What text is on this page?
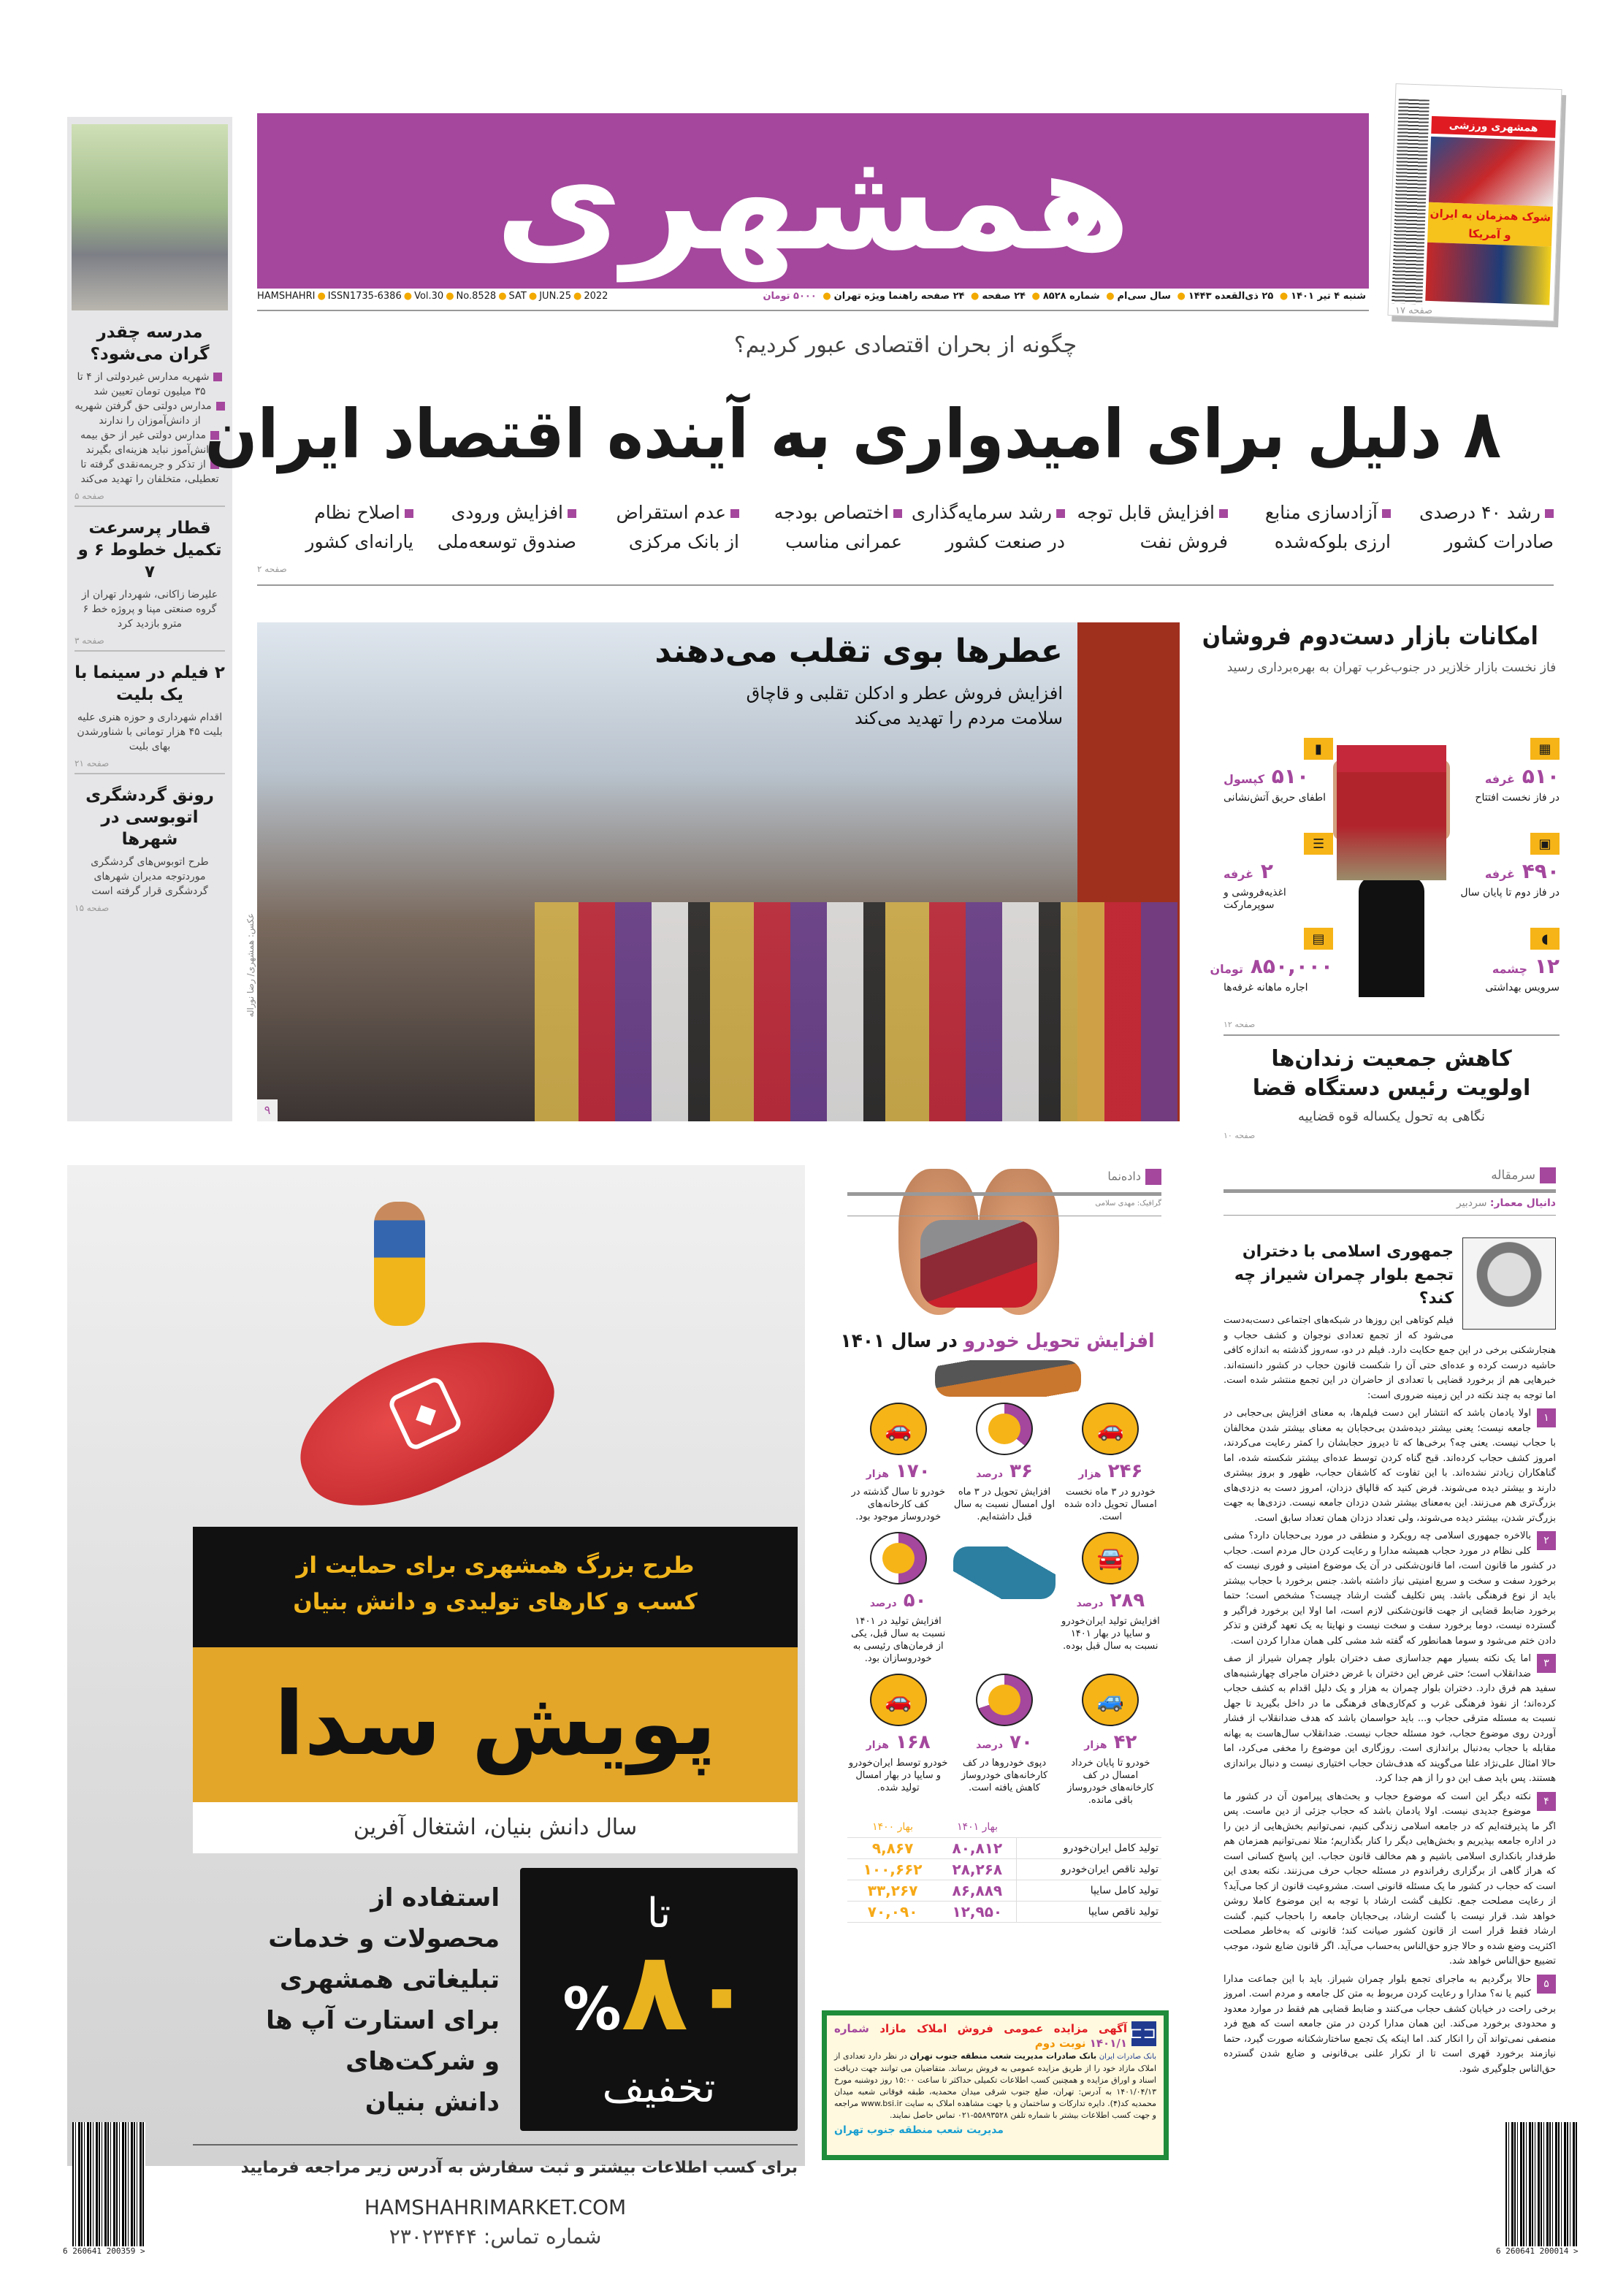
مدرسه چقدر گران می‌شود؟

شهریه مدارس غیردولتی از ۴ تا ۳۵ میلیون تومان تعیین شد
مدارس دولتی حق گرفتن شهریه از دانش‌آموزان را ندارند
مدارس دولتی غیر از حق بیمه دانش‌آموز نباید هزینه‌ای بگیرند
از تذکر و جریمه‌نقدی گرفته تا تعطیلی، متخلفان را تهدید می‌کند

صفحه ۵
قطار پرسرعت تکمیل خطوط ۶ و ۷

علیرضا زاکانی، شهردار تهران از گروه صنعتی مپنا و پروژه خط ۶ مترو بازدید کرد

صفحه ۳
۲ فیلم در سینما با یک بلیت

اقدام شهرداری و حوزه هنری علیه بلیت ۴۵ هزار تومانی با شناورشدن بهای بلیت

صفحه ۲۱
رونق گردشگری اتوبوسی در شهرها

طرح اتوبوس‌های گردشگری موردتوجه مدیران شهرهای گردشگری قرار گرفته است

صفحه ۱۵
همشهری	همشهری ورزشی
شوک همزمان به ایران و آمریکا
صفحه ۱۷
شنبه ۴ تیر ۱۴۰۱● ۲۵ ذی‌القعده ۱۴۴۳● سال سی‌ام● شماره ۸۵۲۸● ۲۴ صفحه● ۲۴ صفحه راهنما ویژه تهران● ۵۰۰۰ تومان
HAMSHAHRI ● ISSN1735-6386 ● Vol.30 ● No.8528 ● SAT ● JUN.25 ● 2022
چگونه از بحران اقتصادی عبور کردیم؟
۸ دلیل برای امیدواری به آینده اقتصاد ایران
رشد ۴۰ درصدی
صادرات کشور
آزادسازی منابع
ارزی بلوکه‌شده
افزایش قابل توجه
فروش نفت
رشد سرمایه‌گذاری
در صنعت کشور
اختصاص بودجه
عمرانی مناسب
عدم استقراض
از بانک مرکزی
افزایش ورودی
صندوق توسعه‌ملی
اصلاح نظام
یارانه‌ای کشور
صفحه ۲
عطرها بوی تقلب می‌دهند
افزایش فروش عطر و ادکلن تقلبی و قاچاق
سلامت مردم را تهدید می‌کند
عکس: همشهری/ رضا نوراله
۹
امکانات بازار دست‌دوم فروشان
فاز نخست بازار خلازیر در جنوب‌غرب تهران به بهره‌برداری رسید
▦
۵۱۰ غرفه
در فاز نخست افتتاح
▣
۴۹۰ غرفه
در فاز دوم تا پایان سال
◖
۱۲ چشمه
سرویس بهداشتی
▮
۵۱۰ کپسول
اطفای حریق آتش‌نشانی
☰
۲ غرفه
اغذیه‌فروشی و سوپرمارکت
▤
۸۵۰,۰۰۰ تومان
اجاره ماهانه غرفه‌ها
صفحه ۱۲
کاهش جمعیت زندان‌ها
اولویت رئیس دستگاه قضا

نگاهی به تحول یکساله قوه قضاییه

صفحه ۱۰
◆
طرح بزرگ همشهری برای حمایت از
کسب و کارهای تولیدی و دانش بنیان
پویش سدا
سال دانش بنیان، اشتغال آفرین
استفاده از
محصولات و خدمات
تبلیغاتی همشهری
برای استارت آپ ها
و شرکت‌های
دانش بنیان
تا
%۸۰
تخفیف
برای کسب اطلاعات بیشتر و ثبت سفارش به آدرس زیر مراجعه فرمایید
HAMSHAHRIMARKET.COM
شماره تماس: ۲۳۰۲۳۴۴۴
داده‌نما
گرافیک: مهدی سلامی
افزایش تحویل خودرو در سال ۱۴۰۱
🚗
۲۴۶ هزار
خودرو در ۳ ماه نخست امسال تحویل داده شده است.
۳۶ درصد
افزایش تحویل در ۳ ماه اول امسال نسبت به سال قبل داشته‌ایم.
🚗
۱۷۰ هزار
خودرو تا سال گذشته در کف کارخانه‌های خودروساز موجود بود.
🚘
۲۸۹ درصد
افزایش تولید ایران‌خودرو و سایپا در بهار ۱۴۰۱ نسبت به سال قبل بوده.
۵۰ درصد
افزایش تولید در ۱۴۰۱ نسبت به سال قبل، یکی از فرمان‌های رئیسی به خودروسازان بود.
🚙
۴۲ هزار
خودرو تا پایان خرداد امسال در کف کارخانه‌های خودروساز باقی مانده.
۷۰ درصد
دپوی خودروها در کف کارخانه‌های خودروساز کاهش یافته است.
🚗
۱۶۸ هزار
خودرو توسط ایران‌خودرو و سایپا در بهار امسال تولید شده.
	بهار ۱۴۰۱	بهار ۱۴۰۰
تولید کامل ایران‌خودرو	۸۰,۸۱۲	۹,۸۶۷
تولید ناقص ایران‌خودرو	۲۸,۲۶۸	۱۰۰,۶۶۲
تولید کامل سایپا	۸۶,۸۸۹	۳۳,۲۶۷
تولید ناقص سایپا	۱۲,۹۵۰	۷۰,۰۹۰
⊏⊐
آگهی مزایده عمومی فروش املاک مازاد شماره ۱۴۰۱/۱ نوبت دوم
بانک صادرات ایران بانک صادرات مدیریت شعب منطقه جنوب تهران در نظر دارد تعدادی از املاک مازاد خود را از طریق مزایده عمومی به فروش برساند. متقاضیان می توانند جهت دریافت اسناد و اوراق مزایده و همچنین کسب اطلاعات تکمیلی حداکثر تا ساعت ۱۵:۰۰ روز دوشنبه مورخ ۱۴۰۱/۰۴/۱۳ به آدرس: تهران، ضلع جنوب شرقی میدان محمدیه، طبقه فوقانی شعبه میدان محمدیه کد(۴). دایره تدارکات و ساختمان و یا جهت مشاهده املاک به سایت www.bsi.ir مراجعه و جهت کسب اطلاعات بیشتر با شماره تلفن ۵۵۸۹۳۵۲۸-۰۲۱ تماس حاصل نمایند.
مدیریت شعب منطقه جنوب تهران
سرمقاله
دانیال معمار: سردبیر
جمهوری اسلامی با دختران تجمع بلوار چمران شیراز چه کند؟

فیلم کوتاهی این روزها در شبکه‌های اجتماعی دست‌به‌دست می‌شود که از تجمع تعدادی نوجوان و کشف حجاب و هنجارشکنی برخی در این جمع حکایت دارد. فیلم در دو، سه‌روز گذشته به اندازه کافی حاشیه درست کرده و عده‌ای حتی آن را شکست قانون حجاب در کشور دانسته‌اند. خبرهایی هم از برخورد قضایی با تعدادی از حاضران در این تجمع منتشر شده است. اما توجه به چند نکته در این زمینه ضروری است:

۱
اولا یادمان باشد که انتشار این دست فیلم‌ها، به معنای افزایش بی‌حجابی در جامعه نیست؛ یعنی بیشتر دیده‌شدن بی‌حجابان به معنای بیشتر شدن مخالفان با حجاب نیست. یعنی چه؟ برخی‌ها که تا دیروز حجابشان را کمتر رعایت می‌کردند، امروز کشف حجاب کرده‌اند. قبح گناه کردن توسط عده‌ای بیشتر شکسته شده، اما گناهکاران زیادتر نشده‌اند. با این تفاوت که کاشفان حجاب، ظهور و بروز بیشتری دارند و بیشتر دیده می‌شوند. فرض کنید که قالپاق دزدان، امروز دست به دزدی‌های بزرگ‌تری هم می‌زنند. این به‌معنای بیشتر شدن دزدان جامعه نیست. دزدی‌ها به جهت بزرگ‌تر شدن، بیشتر دیده می‌شوند، ولی تعداد دزدان همان تعداد سابق است.

۲
بالاخره جمهوری اسلامی چه رویکرد و منطقی در مورد بی‌حجابان دارد؟ مشی کلی نظام در مورد حجاب همیشه مدارا و رعایت کردن حال مردم است. حجاب در کشور ما قانون است، اما قانون‌شکنی در آن یک موضوع امنیتی و فوری نیست که برخورد سفت و سخت و سریع امنیتی نیاز داشته باشد. جنس برخورد با حجاب بیشتر باید از نوع فرهنگی باشد. پس تکلیف گشت ارشاد چیست؟ مشخص است؛ حتما برخورد ضابط قضایی از جهت قانون‌شکنی لازم است، اما اولا این برخورد فراگیر و گسترده نیست، دوما برخورد سفت و سخت نیست و نهایتا به یک تعهد گرفتن و تذکر دادن ختم می‌شود و سوما همانطور که گفته شد مشی کلی همان مدارا کردن است.

۳
اما یک نکته بسیار مهم جداسازی صف دختران بلوار چمران شیراز از صف ضدانقلاب است؛ حتی غرض این دختران با غرض دختران ماجرای چهارشنبه‌های سفید هم فرق دارد. دختران بلوار چمران به هزار و یک دلیل اقدام به کشف حجاب کرده‌اند؛ از نفوذ فرهنگی غرب و کم‌کاری‌های فرهنگی ما در داخل بگیرید تا جهل نسبت به مسئله مترقی حجاب و... باید حواسمان باشد که هدف ضدانقلاب از فشار آوردن روی موضوع حجاب، خود مسئله حجاب نیست. ضدانقلاب سال‌هاست به بهانه مقابله با حجاب به‌دنبال براندازی است. روزگاری این موضوع را مخفی می‌کرد، اما حالا امثال علی‌نژاد علنا می‌گویند که هدف‌شان حجاب اختیاری نیست و دنبال براندازی هستند. پس باید صف این دو را از هم جدا کرد.

۴
نکته دیگر این است که موضوع حجاب و بحث‌های پیرامون آن در کشور ما موضوع جدیدی نیست. اولا یادمان باشد که حجاب جزئی از دین ماست. پس اگر ما پذیرفته‌ایم که در جامعه اسلامی زندگی کنیم، نمی‌توانیم بخش‌هایی از دین را در اداره جامعه بپذیریم و بخش‌هایی دیگر را کنار بگذاریم؛ مثلا نمی‌توانیم همزمان هم طرفدار بانکداری اسلامی باشیم و هم مخالف قانون حجاب. این پاسخ کسانی است که هراز گاهی از برگزاری رفراندوم در مسئله حجاب حرف می‌زنند. نکته بعدی این است که حجاب در کشور ما یک مسئله قانونی است. مشروعیت قانون از کجا می‌آید؟ از رعایت مصلحت جمع. تکلیف گشت ارشاد با توجه به این موضوع کاملا روشن خواهد شد. قرار نیست با گشت ارشاد، بی‌حجابان جامعه را باحجاب کنیم. گشت ارشاد فقط قرار است از قانون کشور صیانت کند؛ قانونی که به‌خاطر مصلحت اکثریت وضع شده و حالا جزو حق‌الناس به‌حساب می‌آید. اگر قانون ضایع شود، موجب تضییع حق‌الناس خواهد شد.

۵
حالا برگردیم به ماجرای تجمع بلوار چمران شیراز. باید با این جماعت مدارا کنیم یا نه؟ مدارا و رعایت کردن مربوط به متن کل جامعه و مردم است. امروز برخی راحت در خیابان کشف حجاب می‌کنند و ضابط قضایی هم فقط در موارد معدود و محدودی برخورد می‌کند. این همان مدارا کردن در متن جامعه است که هیچ فرد منصفی نمی‌تواند آن را انکار کند. اما اینکه یک تجمع ساختارشکنانه صورت گیرد، حتما نیازمند برخورد قهری است تا از تکرار علنی بی‌قانونی و ضایع شدن گسترده حق‌الناس جلوگیری شود.

6 260641 200359 >	6 260641 200014 >
